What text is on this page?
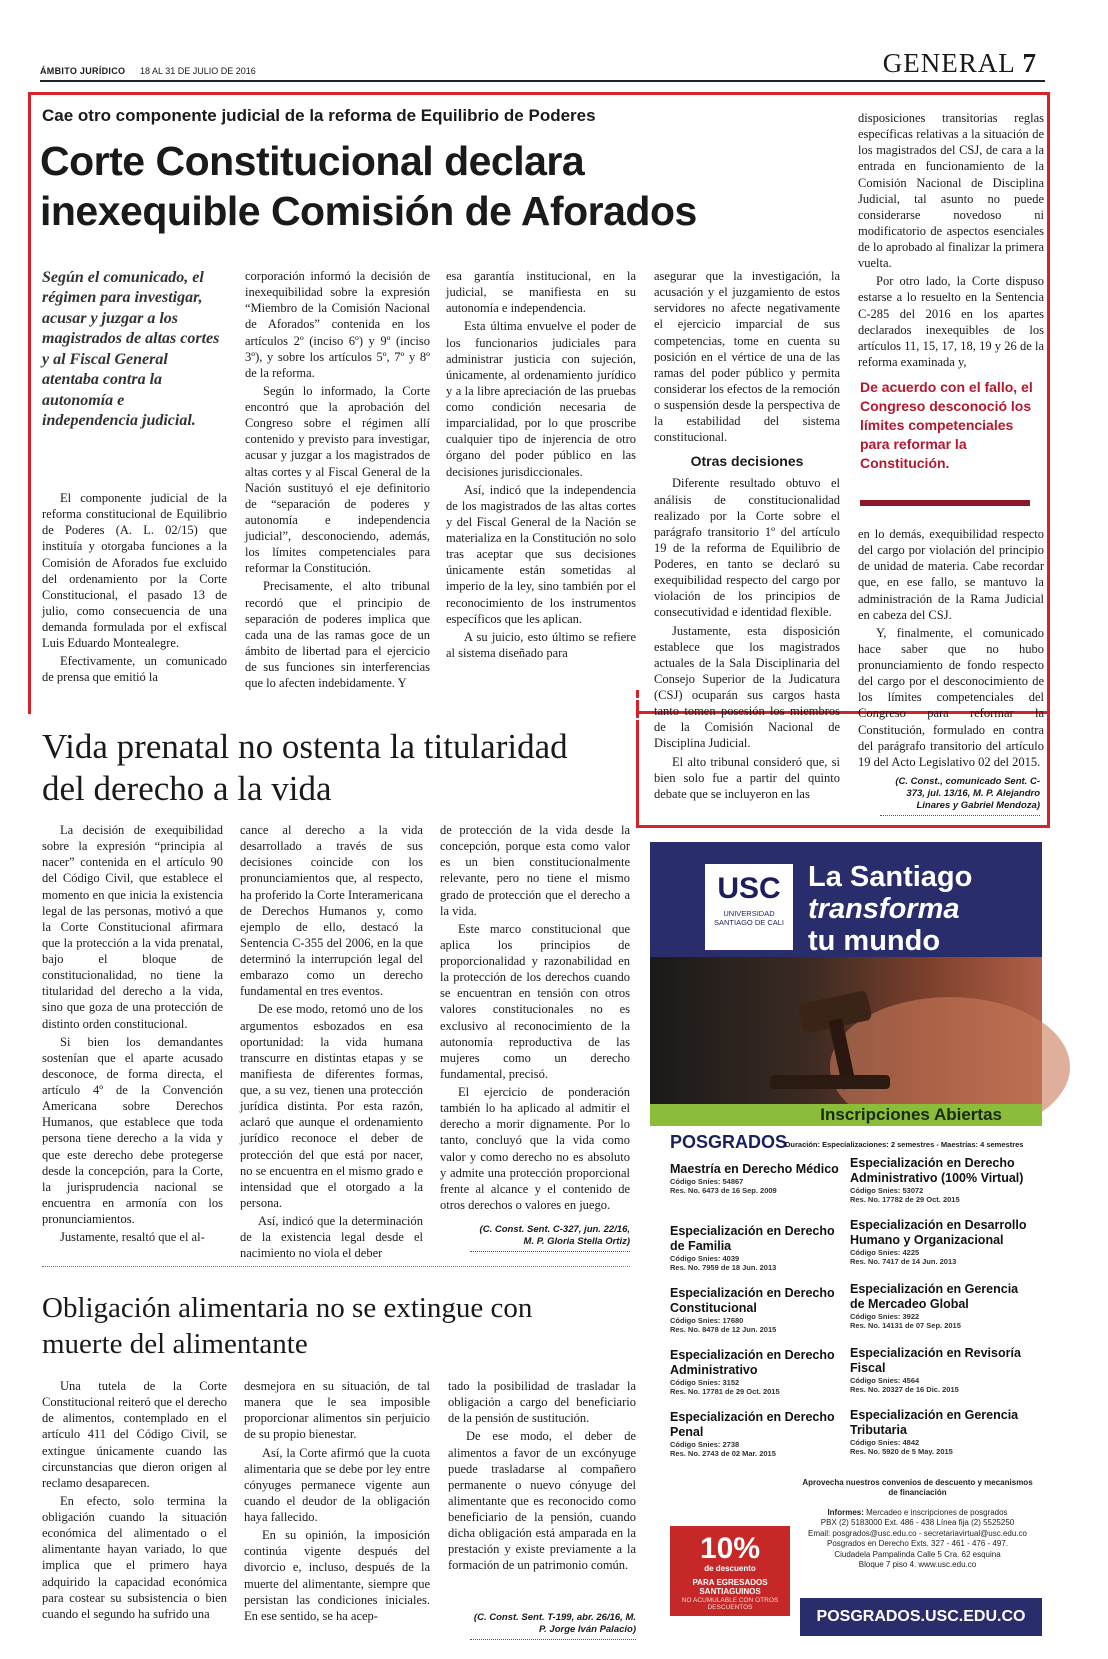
ÁMBITO JURÍDICO 18 AL 31 DE JULIO DE 2016	GENERAL 7
Cae otro componente judicial de la reforma de Equilibrio de Poderes
Corte Constitucional declara inexequible Comisión de Aforados
Según el comunicado, el régimen para investigar, acusar y juzgar a los magistrados de altas cortes y al Fiscal General atentaba contra la autonomía e independencia judicial.

El componente judicial de la reforma constitucional de Equilibrio de Poderes (A. L. 02/15) que instituía y otorgaba funciones a la Comisión de Aforados fue excluido del ordenamiento por la Corte Constitucional, el pasado 13 de julio, como consecuencia de una demanda formulada por el exfiscal Luis Eduardo Montealegre.

Efectivamente, un comunicado de prensa que emitió la

corporación informó la decisión de inexequibilidad sobre la expresión “Miembro de la Comisión Nacional de Aforados” contenida en los artículos 2º (inciso 6º) y 9º (inciso 3º), y sobre los artículos 5º, 7º y 8º de la reforma.

Según lo informado, la Corte encontró que la aprobación del Congreso sobre el régimen allí contenido y previsto para investigar, acusar y juzgar a los magistrados de altas cortes y al Fiscal General de la Nación sustituyó el eje definitorio de “separación de poderes y autonomía e independencia judicial”, desconociendo, además, los límites competenciales para reformar la Constitución.

Precisamente, el alto tribunal recordó que el principio de separación de poderes implica que cada una de las ramas goce de un ámbito de libertad para el ejercicio de sus funciones sin interferencias que lo afecten indebidamente. Y

esa garantía institucional, en la judicial, se manifiesta en su autonomía e independencia.

Esta última envuelve el poder de los funcionarios judiciales para administrar justicia con sujeción, únicamente, al ordenamiento jurídico y a la libre apreciación de las pruebas como condición necesaria de imparcialidad, por lo que proscribe cualquier tipo de injerencia de otro órgano del poder público en las decisiones jurisdiccionales.

Así, indicó que la independencia de los magistrados de las altas cortes y del Fiscal General de la Nación se materializa en la Constitución no solo tras aceptar que sus decisiones únicamente están sometidas al imperio de la ley, sino también por el reconocimiento de los instrumentos específicos que les aplican.

A su juicio, esto último se refiere al sistema diseñado para

asegurar que la investigación, la acusación y el juzgamiento de estos servidores no afecte negativamente el ejercicio imparcial de sus competencias, tome en cuenta su posición en el vértice de una de las ramas del poder público y permita considerar los efectos de la remoción o suspensión desde la perspectiva de la estabilidad del sistema constitucional.

Otras decisiones

Diferente resultado obtuvo el análisis de constitucionalidad realizado por la Corte sobre el parágrafo transitorio 1º del artículo 19 de la reforma de Equilibrio de Poderes, en tanto se declaró su exequibilidad respecto del cargo por violación de los principios de consecutividad e identidad flexible.

Justamente, esta disposición establece que los magistrados actuales de la Sala Disciplinaria del Consejo Superior de la Judicatura (CSJ) ocuparán sus cargos hasta tanto tomen posesión los miembros de la Comisión Nacional de Disciplina Judicial.

El alto tribunal consideró que, si bien solo fue a partir del quinto debate que se incluyeron en las

disposiciones transitorias reglas específicas relativas a la situación de los magistrados del CSJ, de cara a la entrada en funcionamiento de la Comisión Nacional de Disciplina Judicial, tal asunto no puede considerarse novedoso ni modificatorio de aspectos esenciales de lo aprobado al finalizar la primera vuelta.

Por otro lado, la Corte dispuso estarse a lo resuelto en la Sentencia C-285 del 2016 en los apartes declarados inexequibles de los artículos 11, 15, 17, 18, 19 y 26 de la reforma examinada y,

De acuerdo con el fallo, el Congreso desconoció los límites competenciales para reformar la Constitución.

en lo demás, exequibilidad respecto del cargo por violación del principio de unidad de materia. Cabe recordar que, en ese fallo, se mantuvo la administración de la Rama Judicial en cabeza del CSJ.

Y, finalmente, el comunicado hace saber que no hubo pronunciamiento de fondo respecto del cargo por el desconocimiento de los límites competenciales del Congreso para reformar la Constitución, formulado en contra del parágrafo transitorio del artículo 19 del Acto Legislativo 02 del 2015.

(C. Const., comunicado Sent. C-373, jul. 13/16, M. P. Alejandro Linares y Gabriel Mendoza)
Vida prenatal no ostenta la titularidad del derecho a la vida

La decisión de exequibilidad sobre la expresión “principia al nacer” contenida en el artículo 90 del Código Civil, que establece el momento en que inicia la existencia legal de las personas, motivó a que la Corte Constitucional afirmara que la protección a la vida prenatal, bajo el bloque de constitucionalidad, no tiene la titularidad del derecho a la vida, sino que goza de una protección de distinto orden constitucional.

Si bien los demandantes sostenían que el aparte acusado desconoce, de forma directa, el artículo 4º de la Convención Americana sobre Derechos Humanos, que establece que toda persona tiene derecho a la vida y que este derecho debe protegerse desde la concepción, para la Corte, la jurisprudencia nacional se encuentra en armonía con los pronunciamientos.

Justamente, resaltó que el al-

cance al derecho a la vida desarrollado a través de sus decisiones coincide con los pronunciamientos que, al respecto, ha proferido la Corte Interamericana de Derechos Humanos y, como ejemplo de ello, destacó la Sentencia C-355 del 2006, en la que determinó la interrupción legal del embarazo como un derecho fundamental en tres eventos.

De ese modo, retomó uno de los argumentos esbozados en esa oportunidad: la vida humana transcurre en distintas etapas y se manifiesta de diferentes formas, que, a su vez, tienen una protección jurídica distinta. Por esta razón, aclaró que aunque el ordenamiento jurídico reconoce el deber de protección del que está por nacer, no se encuentra en el mismo grado e intensidad que el otorgado a la persona.

Así, indicó que la determinación de la existencia legal desde el nacimiento no viola el deber

de protección de la vida desde la concepción, porque esta como valor es un bien constitucionalmente relevante, pero no tiene el mismo grado de protección que el derecho a la vida.

Este marco constitucional que aplica los principios de proporcionalidad y razonabilidad en la protección de los derechos cuando se encuentran en tensión con otros valores constitucionales no es exclusivo al reconocimiento de la autonomía reproductiva de las mujeres como un derecho fundamental, precisó.

El ejercicio de ponderación también lo ha aplicado al admitir el derecho a morir dignamente. Por lo tanto, concluyó que la vida como valor y como derecho no es absoluto y admite una protección proporcional frente al alcance y el contenido de otros derechos o valores en juego.

(C. Const. Sent. C-327, jun. 22/16, M. P. Gloria Stella Ortiz)
Obligación alimentaria no se extingue con muerte del alimentante

Una tutela de la Corte Constitucional reiteró que el derecho de alimentos, contemplado en el artículo 411 del Código Civil, se extingue únicamente cuando las circunstancias que dieron origen al reclamo desaparecen.

En efecto, solo termina la obligación cuando la situación económica del alimentado o el alimentante hayan variado, lo que implica que el primero haya adquirido la capacidad económica para costear su subsistencia o bien cuando el segundo ha sufrido una

desmejora en su situación, de tal manera que le sea imposible proporcionar alimentos sin perjuicio de su propio bienestar.

Así, la Corte afirmó que la cuota alimentaria que se debe por ley entre cónyuges permanece vigente aun cuando el deudor de la obligación haya fallecido.

En su opinión, la imposición continúa vigente después del divorcio e, incluso, después de la muerte del alimentante, siempre que persistan las condiciones iniciales. En ese sentido, se ha acep-

tado la posibilidad de trasladar la obligación a cargo del beneficiario de la pensión de sustitución.

De ese modo, el deber de alimentos a favor de un excónyuge puede trasladarse al compañero permanente o nuevo cónyuge del alimentante que es reconocido como beneficiario de la pensión, cuando dicha obligación está amparada en la prestación y existe previamente a la formación de un patrimonio común.

(C. Const. Sent. T-199, abr. 26/16, M. P. Jorge Iván Palacio)
USC
UNIVERSIDAD SANTIAGO DE CALI
La Santiago
transforma
tu mundo
Inscripciones Abiertas
POSGRADOS
Duración: Especializaciones: 2 semestres - Maestrías: 4 semestres
Maestría en Derecho Médico
Código Snies: 54867
Res. No. 6473 de 16 Sep. 2009
Especialización en Derecho de Familia
Código Snies: 4039
Res. No. 7959 de 18 Jun. 2013
Especialización en Derecho Constitucional
Código Snies: 17680
Res. No. 8478 de 12 Jun. 2015
Especialización en Derecho Administrativo
Código Snies: 3152
Res. No. 17781 de 29 Oct. 2015
Especialización en Derecho Penal
Código Snies: 2738
Res. No. 2743 de 02 Mar. 2015
Especialización en Derecho Administrativo (100% Virtual)
Código Snies: 53072
Res. No. 17782 de 29 Oct. 2015
Especialización en Desarrollo Humano y Organizacional
Código Snies: 4225
Res. No. 7417 de 14 Jun. 2013
Especialización en Gerencia de Mercadeo Global
Código Snies: 3922
Res. No. 14131 de 07 Sep. 2015
Especialización en Revisoría Fiscal
Código Snies: 4564
Res. No. 20327 de 16 Dic. 2015
Especialización en Gerencia Tributaria
Código Snies: 4842
Res. No. 5920 de 5 May. 2015
10%
de descuento
PARA EGRESADOS SANTIAGUINOS
NO ACUMULABLE CON OTROS DESCUENTOS
Aprovecha nuestros convenios de descuento y mecanismos de financiación
Informes: Mercadeo e inscripciones de posgrados
PBX (2) 5183000 Ext. 486 - 438 Línea fija (2) 5525250
Email: posgrados@usc.edu.co - secretariavirtual@usc.edu.co
Posgrados en Derecho Exts. 327 - 461 - 476 - 497.
Ciudadela Pampalinda Calle 5 Cra. 62 esquina
Bloque 7 piso 4. www.usc.edu.co
POSGRADOS.USC.EDU.CO
